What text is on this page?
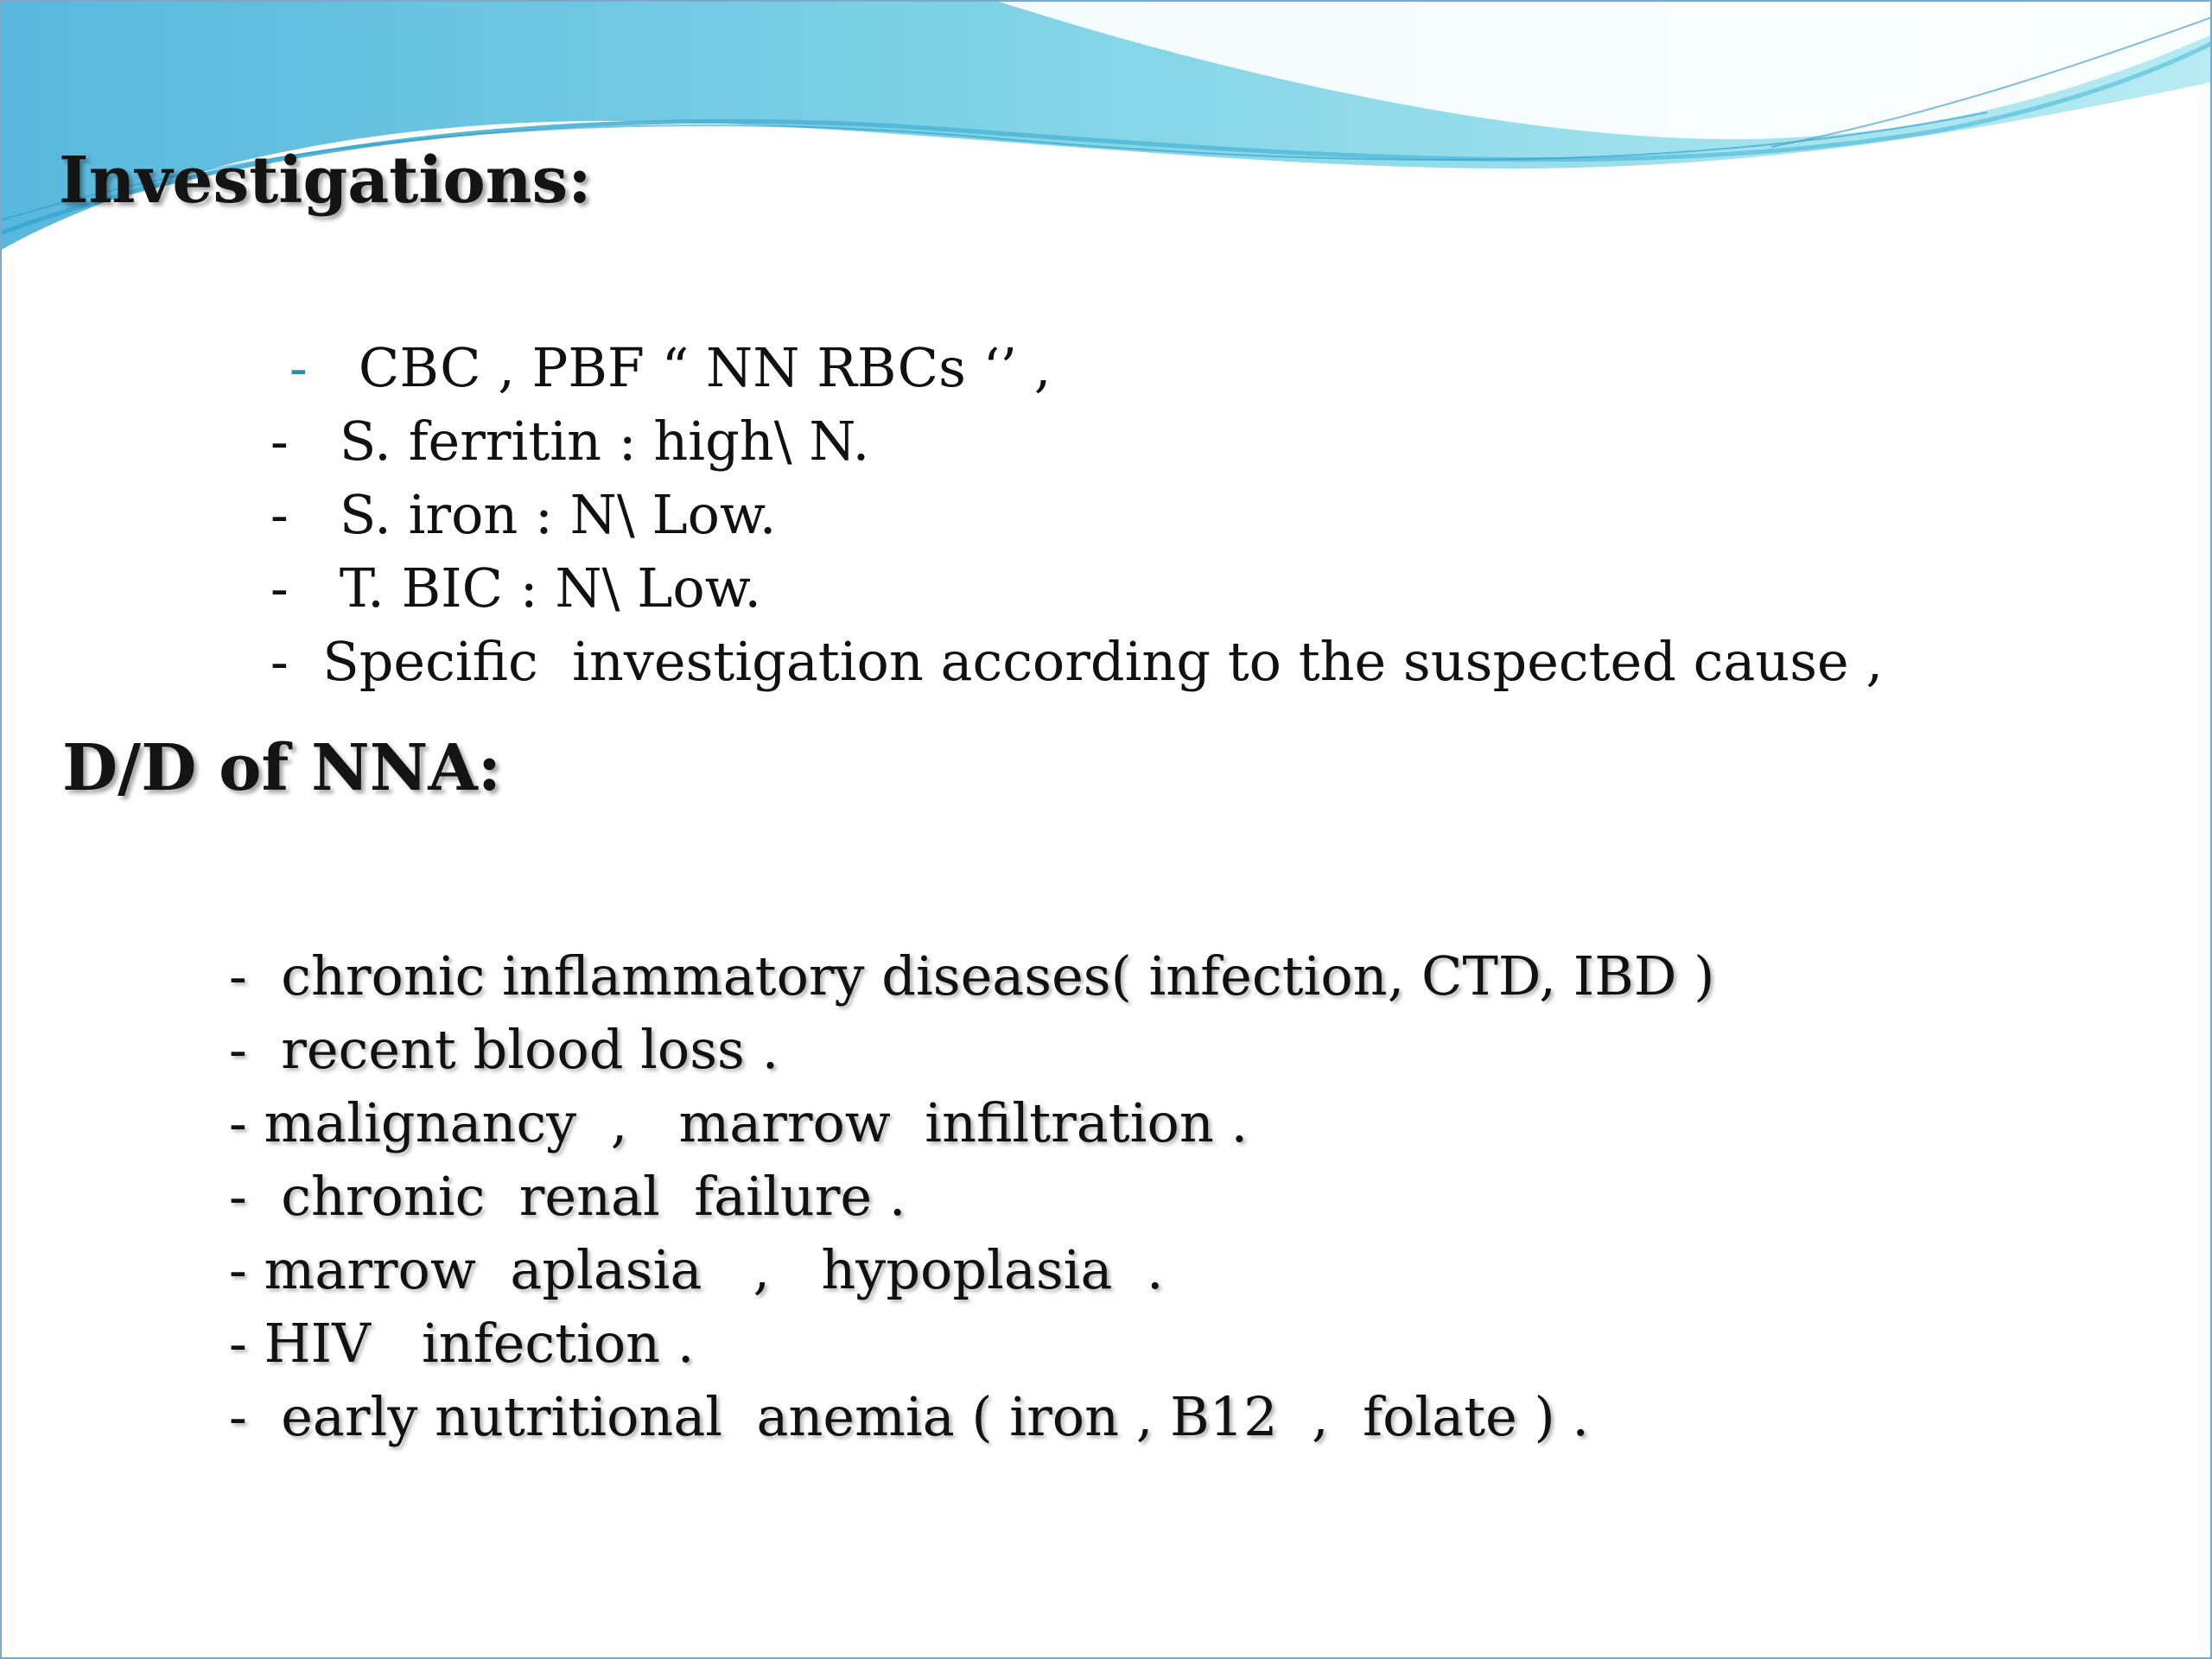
Investigations:

- CBC , PBF “ NN RBCs ‘’ ,

- S. ferritin : high\ N.

- S. iron : N\ Low.

- T. BIC : N\ Low.

- Specific  investigation according to the suspected cause ,

D/D of NNA:

- chronic inflammatory diseases( infection, CTD, IBD )

- recent blood loss .

- malignancy  ,   marrow  infiltration .

- chronic  renal  failure .

- marrow  aplasia   ,   hypoplasia  .

- HIV   infection .

- early nutritional  anemia ( iron , B12  ,  folate ) .
